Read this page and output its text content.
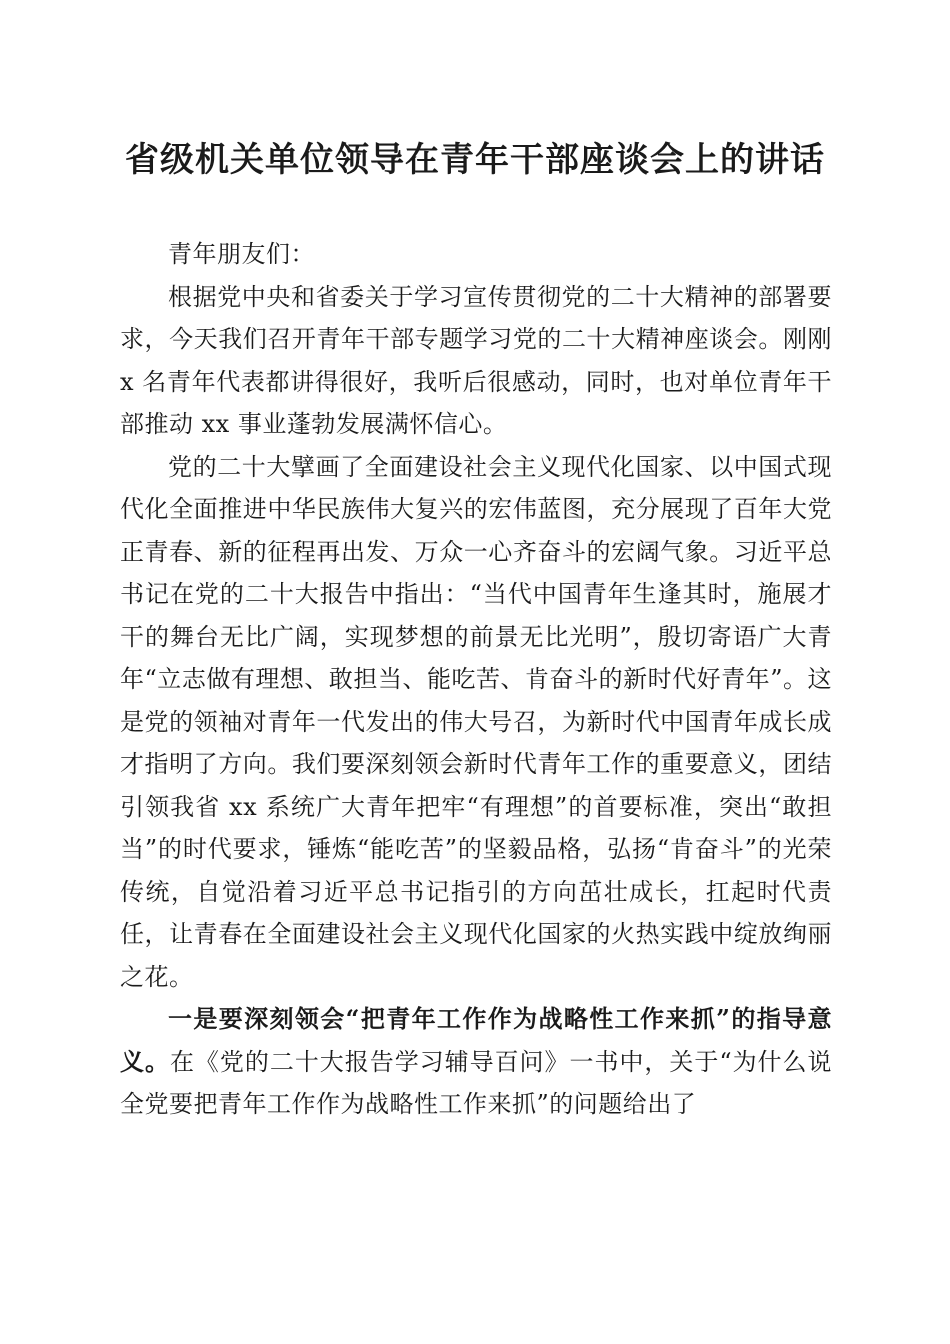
省级机关单位领导在青年干部座谈会上的讲话

青年朋友们：

根据党中央和省委关于学习宣传贯彻党的二十大精神的部署要求，今天我们召开青年干部专题学习党的二十大精神座谈会。刚刚 x 名青年代表都讲得很好，我听后很感动，同时，也对单位青年干部推动 xx 事业蓬勃发展满怀信心。

党的二十大擘画了全面建设社会主义现代化国家、以中国式现代化全面推进中华民族伟大复兴的宏伟蓝图，充分展现了百年大党正青春、新的征程再出发、万众一心齐奋斗的宏阔气象。习近平总书记在党的二十大报告中指出：“当代中国青年生逢其时，施展才干的舞台无比广阔，实现梦想的前景无比光明”，殷切寄语广大青年“立志做有理想、敢担当、能吃苦、肯奋斗的新时代好青年”。这是党的领袖对青年一代发出的伟大号召，为新时代中国青年成长成才指明了方向。我们要深刻领会新时代青年工作的重要意义，团结引领我省 xx 系统广大青年把牢“有理想”的首要标准，突出“敢担当”的时代要求，锤炼“能吃苦”的坚毅品格，弘扬“肯奋斗”的光荣传统，自觉沿着习近平总书记指引的方向茁壮成长，扛起时代责任，让青春在全面建设社会主义现代化国家的火热实践中绽放绚丽之花。

一是要深刻领会“把青年工作作为战略性工作来抓”的指导意义。在《党的二十大报告学习辅导百问》一书中，关于“为什么说全党要把青年工作作为战略性工作来抓”的问题给出了
